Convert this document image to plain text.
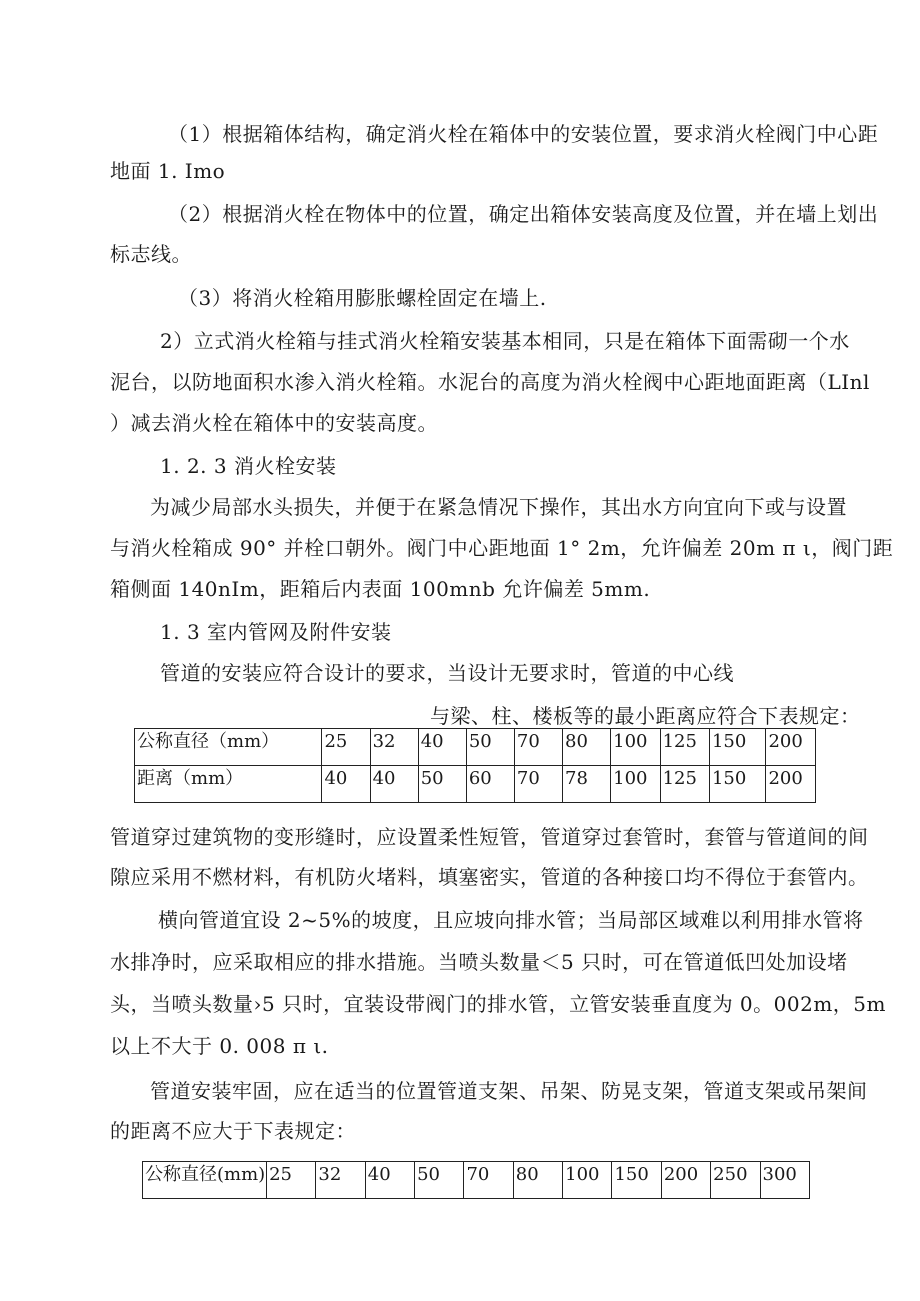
（1）根据箱体结构，确定消火栓在箱体中的安装位置，要求消火栓阀门中心距
地面 1. Imo
（2）根据消火栓在物体中的位置，确定出箱体安装高度及位置，并在墙上划出
标志线。
（3）将消火栓箱用膨胀螺栓固定在墙上.
2）立式消火栓箱与挂式消火栓箱安装基本相同，只是在箱体下面需砌一个水
泥台，以防地面积水渗入消火栓箱。水泥台的高度为消火栓阀中心距地面距离（LInl
）减去消火栓在箱体中的安装高度。
1. 2. 3 消火栓安装
为减少局部水头损失，并便于在紧急情况下操作，其出水方向宜向下或与设置
与消火栓箱成 90° 并栓口朝外。阀门中心距地面 1° 2m，允许偏差 20m π ι，阀门距
箱侧面 140nIm，距箱后内表面 100mnb 允许偏差 5mm.
1. 3 室内管网及附件安装
管道的安装应符合设计的要求，当设计无要求时，管道的中心线
与梁、柱、楼板等的最小距离应符合下表规定：
公称直径（mm）	25	32	40	50	70	80	100	125	150	200
距离（mm）	40	40	50	60	70	78	100	125	150	200
管道穿过建筑物的变形缝时，应设置柔性短管，管道穿过套管时，套管与管道间的间
隙应采用不燃材料，有机防火堵料，填塞密实，管道的各种接口均不得位于套管内。
横向管道宜设 2~5%的坡度，且应坡向排水管；当局部区域难以利用排水管将
水排净时，应采取相应的排水措施。当喷头数量＜5 只时，可在管道低凹处加设堵
头，当喷头数量›5 只时，宜装设带阀门的排水管，立管安装垂直度为 0。002m，5m
以上不大于 0. 008 π ι.
管道安装牢固，应在适当的位置管道支架、吊架、防晃支架，管道支架或吊架间
的距离不应大于下表规定：
公称直径(mm)	25	32	40	50	70	80	100	150	200	250	300
